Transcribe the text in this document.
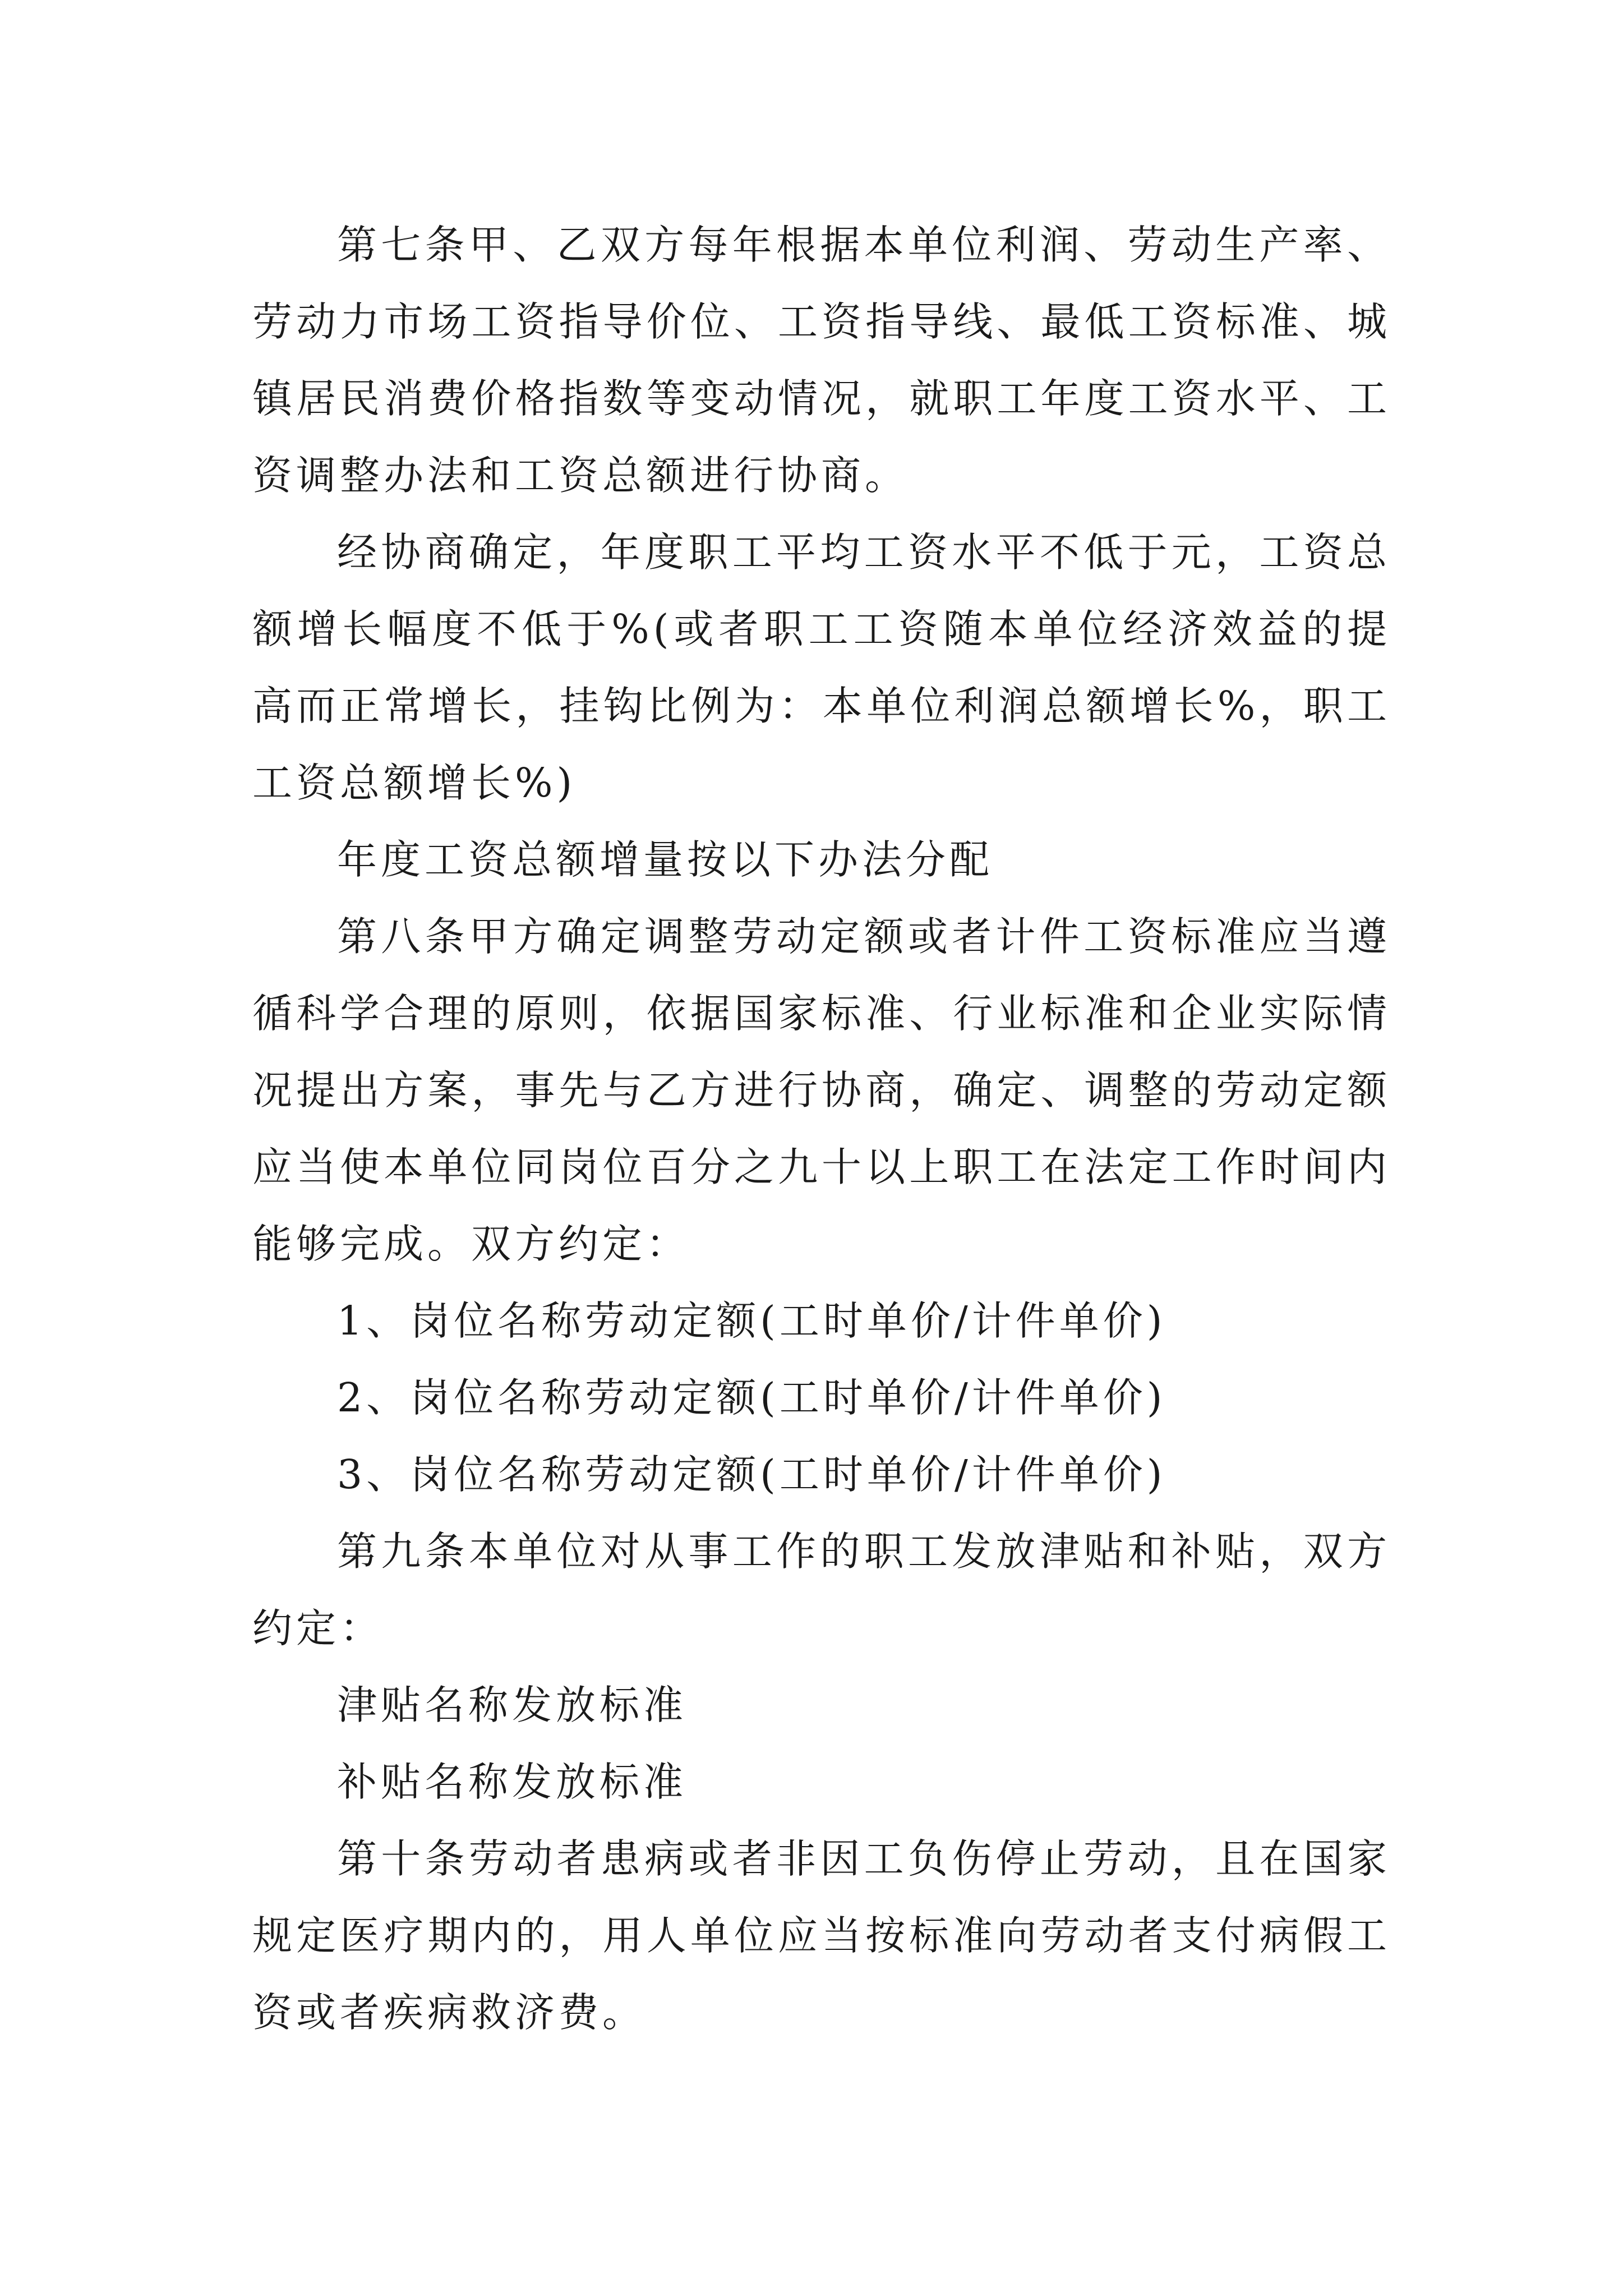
第七条甲、乙双方每年根据本单位利润、劳动生产率、劳动力市场工资指导价位、工资指导线、最低工资标准、城镇居民消费价格指数等变动情况，就职工年度工资水平、工资调整办法和工资总额进行协商。

经协商确定，年度职工平均工资水平不低于元，工资总额增长幅度不低于%(或者职工工资随本单位经济效益的提高而正常增长，挂钩比例为：本单位利润总额增长%，职工工资总额增长%)

年度工资总额增量按以下办法分配

第八条甲方确定调整劳动定额或者计件工资标准应当遵循科学合理的原则，依据国家标准、行业标准和企业实际情况提出方案，事先与乙方进行协商，确定、调整的劳动定额应当使本单位同岗位百分之九十以上职工在法定工作时间内能够完成。双方约定：

1、岗位名称劳动定额(工时单价/计件单价)

2、岗位名称劳动定额(工时单价/计件单价)

3、岗位名称劳动定额(工时单价/计件单价)

第九条本单位对从事工作的职工发放津贴和补贴，双方约定：

津贴名称发放标准

补贴名称发放标准

第十条劳动者患病或者非因工负伤停止劳动，且在国家规定医疗期内的，用人单位应当按标准向劳动者支付病假工资或者疾病救济费。
